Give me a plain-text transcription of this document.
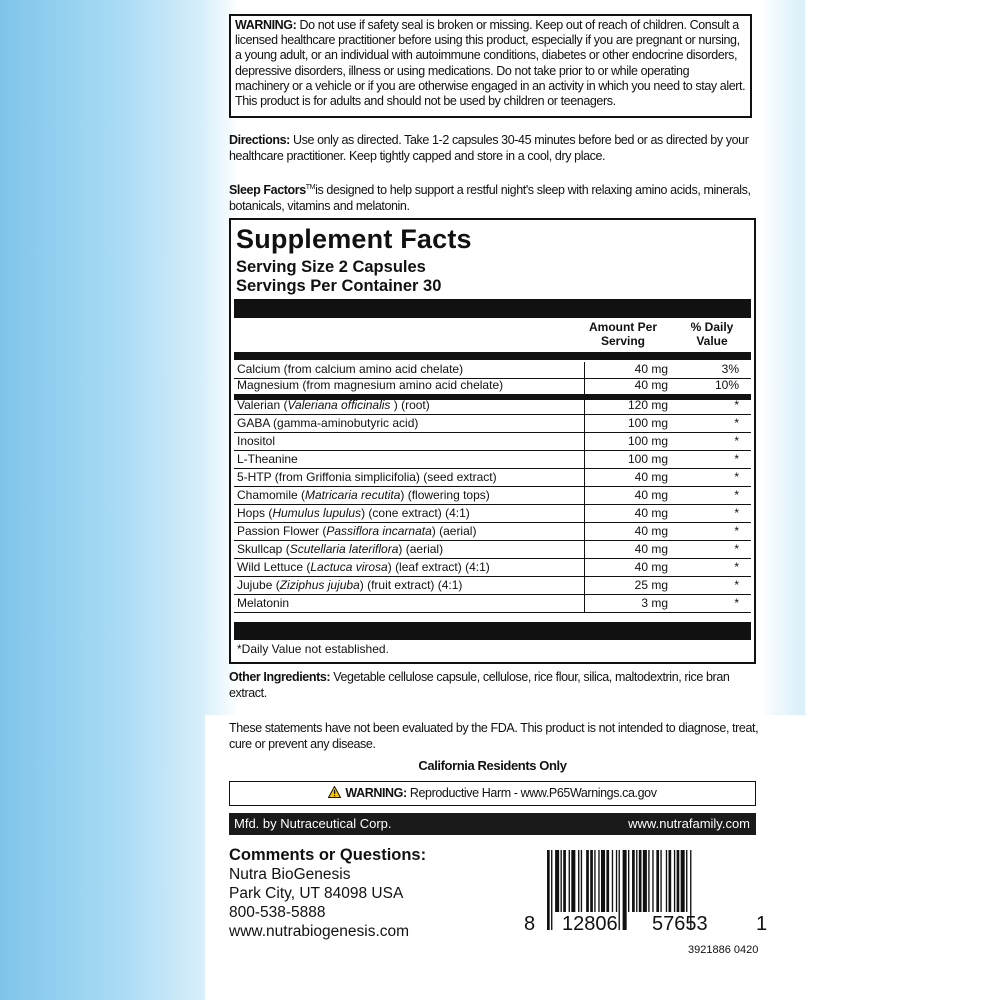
WARNING: Do not use if safety seal is broken or missing. Keep out of reach of children. Consult a licensed healthcare practitioner before using this product, especially if you are pregnant or nursing, a young adult, or an individual with autoimmune conditions, diabetes or other endocrine disorders, depressive disorders, illness or using medications. Do not take prior to or while operating machinery or a vehicle or if you are otherwise engaged in an activity in which you need to stay alert. This product is for adults and should not be used by children or teenagers.
Directions: Use only as directed. Take 1-2 capsules 30-45 minutes before bed or as directed by your healthcare practitioner. Keep tightly capped and store in a cool, dry place.
Sleep Factors™is designed to help support a restful night's sleep with relaxing amino acids, minerals, botanicals, vitamins and melatonin.
Supplement Facts
Serving Size 2 Capsules
Servings Per Container 30
Amount Per Serving
% Daily Value
Calcium (from calcium amino acid chelate)	40 mg	3%
Magnesium (from magnesium amino acid chelate)	40 mg	10%
Valerian (Valeriana officinalis ) (root)	120 mg	*
GABA (gamma-aminobutyric acid)	100 mg	*
Inositol	100 mg	*
L-Theanine	100 mg	*
5-HTP (from Griffonia simplicifolia) (seed extract)	40 mg	*
Chamomile (Matricaria recutita) (flowering tops)	40 mg	*
Hops (Humulus lupulus) (cone extract) (4:1)	40 mg	*
Passion Flower (Passiflora incarnata) (aerial)	40 mg	*
Skullcap (Scutellaria lateriflora) (aerial)	40 mg	*
Wild Lettuce (Lactuca virosa) (leaf extract) (4:1)	40 mg	*
Jujube (Ziziphus jujuba) (fruit extract) (4:1)	25 mg	*
Melatonin	3 mg	*
*Daily Value not established.
Other Ingredients: Vegetable cellulose capsule, cellulose, rice flour, silica, maltodextrin, rice bran extract.
These statements have not been evaluated by the FDA. This product is not intended to diagnose, treat, cure or prevent any disease.
California Residents Only
WARNING: Reproductive Harm - www.P65Warnings.ca.gov
Mfd. by Nutraceutical Corp.	www.nutrafamily.com
Comments or Questions:
Nutra BioGenesis
Park City, UT 84098 USA
800-538-5888
www.nutrabiogenesis.com	8 12806 57653 1
3921886 0420
